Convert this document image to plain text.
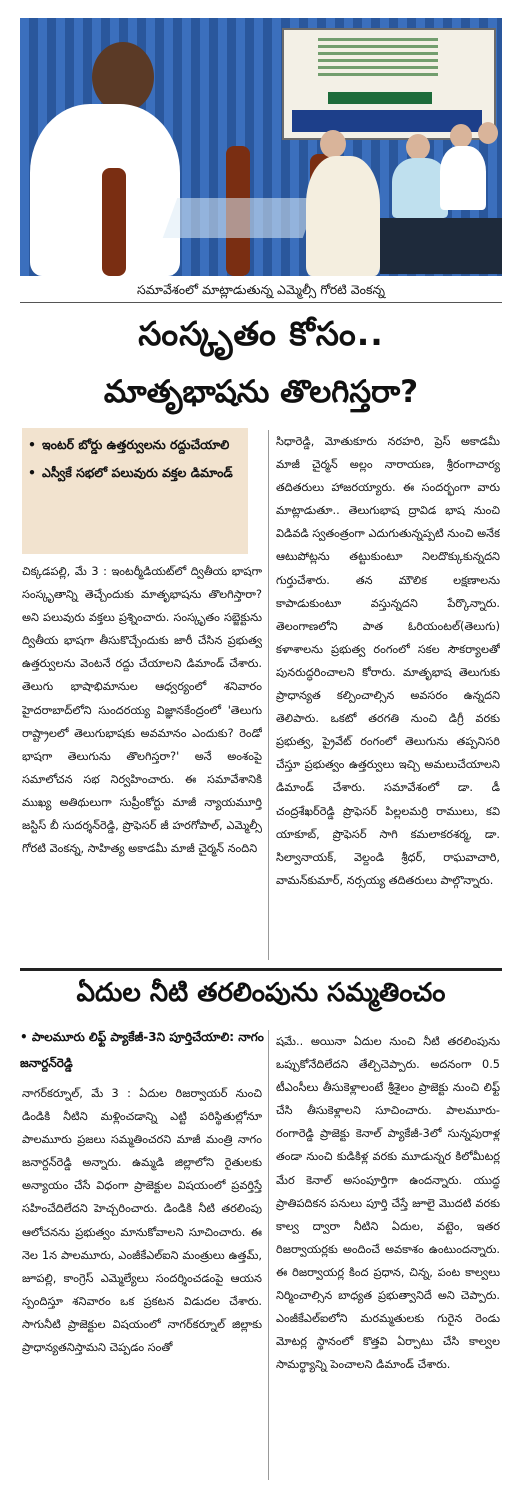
సమావేశంలో మాట్లాడుతున్న ఎమ్మెల్సీ గోరటి వెంకన్న
సంస్కృతం కోసం..
మాతృభాషను తొలగిస్తరా?
• ఇంటర్ బోర్డు ఉత్తర్వులను రద్దుచేయాలి
• ఎస్వీకే సభలో పలువురు వక్తల డిమాండ్

చిక్కడపల్లి, మే 3 : ఇంటర్మీడియట్‌లో ద్వితీయ భాషగా సంస్కృతాన్ని తెచ్చేందుకు మాతృభాషను తొలగిస్తారా? అని పలువురు వక్తలు ప్రశ్నించారు. సంస్కృతం సబ్జెక్టును ద్వితీయ భాషగా తీసుకొచ్చేందుకు జారీ చేసిన ప్రభుత్వ ఉత్తర్వులను వెంటనే రద్దు చేయాలని డిమాండ్ చేశారు. తెలుగు భాషాభిమానుల ఆధ్వర్యంలో శనివారం హైదరాబాద్‌లోని సుందరయ్య విజ్ఞానకేంద్రంలో 'తెలుగు రాష్ట్రాలలో తెలుగుభాషకు అవమానం ఎందుకు? రెండో భాషగా తెలుగును తొలగిస్తరా?' అనే అంశంపై సమాలోచన సభ నిర్వహించారు. ఈ సమావేశానికి ముఖ్య అతిథులుగా సుప్రీంకోర్టు మాజీ న్యాయమూర్తి జస్టిస్ బీ సుదర్శన్‌రెడ్డి, ప్రొఫెసర్ జీ హరగోపాల్, ఎమ్మెల్సీ గోరటి వెంకన్న, సాహిత్య అకాడమీ మాజీ చైర్మన్ నందిని

సిధారెడ్డి, మోతుకూరు నరహరి, ప్రెస్ అకాడమీ మాజీ చైర్మన్ అల్లం నారాయణ, శ్రీరంగాచార్య తదితరులు హాజరయ్యారు. ఈ సందర్భంగా వారు మాట్లాడుతూ.. తెలుగుభాష ద్రావిడ భాష నుంచి విడివడి స్వతంత్రంగా ఎదుగుతున్నప్పటి నుంచి అనేక ఆటుపోట్లను తట్టుకుంటూ నిలదొక్కుకున్నదని గుర్తుచేశారు. తన మౌలిక లక్షణాలను కాపాడుకుంటూ వస్తున్నదని పేర్కొన్నారు. తెలంగాణలోని పాత ఓరియంటల్(తెలుగు) కళాశాలను ప్రభుత్వ రంగంలో సకల సౌకర్యాలతో పునరుద్ధరించాలని కోరారు. మాతృభాష తెలుగుకు ప్రాధాన్యత కల్పించాల్సిన అవసరం ఉన్నదని తెలిపారు. ఒకటో తరగతి నుంచి డిగ్రీ వరకు ప్రభుత్వ, ప్రైవేట్ రంగంలో తెలుగును తప్పనిసరి చేస్తూ ప్రభుత్వం ఉత్తర్వులు ఇచ్చి అమలుచేయాలని డిమాండ్ చేశారు. సమావేశంలో డా. డీ చంద్రశేఖర్‌రెడ్డి ప్రొఫెసర్ పిల్లలమర్రి రాములు, కవి యాకూబ్, ప్రొఫెసర్ సాగి కమలాకరశర్మ, డా. సిల్వానాయక్, వెల్దండి శ్రీధర్, రాఘవాచారి, వామన్‌కుమార్, నర్సయ్య తదితరులు పాల్గొన్నారు.

ఏదుల నీటి తరలింపును సమ్మతించం
• పాలమూరు లిఫ్ట్ ప్యాకేజీ-3ని పూర్తిచేయాలి: నాగం జనార్దన్‌రెడ్డి

నాగర్‌కర్నూల్, మే 3 : ఏదుల రిజర్వాయర్ నుంచి డిండికి నీటిని మళ్లించడాన్ని ఎట్టి పరిస్థితుల్లోనూ పాలమూరు ప్రజలు సమ్మతించరని మాజీ మంత్రి నాగం జనార్దన్‌రెడ్డి అన్నారు. ఉమ్మడి జిల్లాలోని రైతులకు అన్యాయం చేసే విధంగా ప్రాజెక్టుల విషయంలో ప్రవర్తిస్తే సహించేదిలేదని హెచ్చరించారు. డిండికి నీటి తరలింపు ఆలోచనను ప్రభుత్వం మానుకోవాలని సూచించారు. ఈ నెల 1న పాలమూరు, ఎంజీకేఎల్‌ఐని మంత్రులు ఉత్తమ్, జూపల్లి, కాంగ్రెస్ ఎమ్మెల్యేలు సందర్శించడంపై ఆయన స్పందిస్తూ శనివారం ఒక ప్రకటన విడుదల చేశారు. సాగునీటి ప్రాజెక్టుల విషయంలో నాగర్‌కర్నూల్ జిల్లాకు ప్రాధాన్యతనిస్తామని చెప్పడం సంతో

షమే.. అయినా ఏదుల నుంచి నీటి తరలింపును ఒప్పుకోనేదిలేదని తేల్చిచెప్పారు. అదనంగా 0.5 టీఎంసీలు తీసుకెళ్లాలంటే శ్రీశైలం ప్రాజెక్టు నుంచి లిఫ్ట్ చేసి తీసుకెళ్లాలని సూచించారు. పాలమూరు-రంగారెడ్డి ప్రాజెక్టు కెనాల్ ప్యాకేజీ-3లో సున్నపురాళ్ల తండా నుంచి కుడికిళ్ల వరకు మూడున్నర కిలోమీటర్ల మేర కెనాల్ అసంపూర్తిగా ఉందన్నారు. యుద్ధ ప్రాతిపదికన పనులు పూర్తి చేస్తే జూలై మొదటి వరకు కాల్వ ద్వారా నీటిని ఏదుల, వట్టెం, ఇతర రిజర్వాయర్లకు అందించే అవకాశం ఉంటుందన్నారు. ఈ రిజర్వాయర్ల కింద ప్రధాన, చిన్న, పంట కాల్వలు నిర్మించాల్సిన బాధ్యత ప్రభుత్వానిదే అని చెప్పారు. ఎంజీకేఎల్‌ఐలోని మరమ్మతులకు గురైన రెండు మోటర్ల స్థానంలో కొత్తవి ఏర్పాటు చేసి కాల్వల సామర్థ్యాన్ని పెంచాలని డిమాండ్ చేశారు.
